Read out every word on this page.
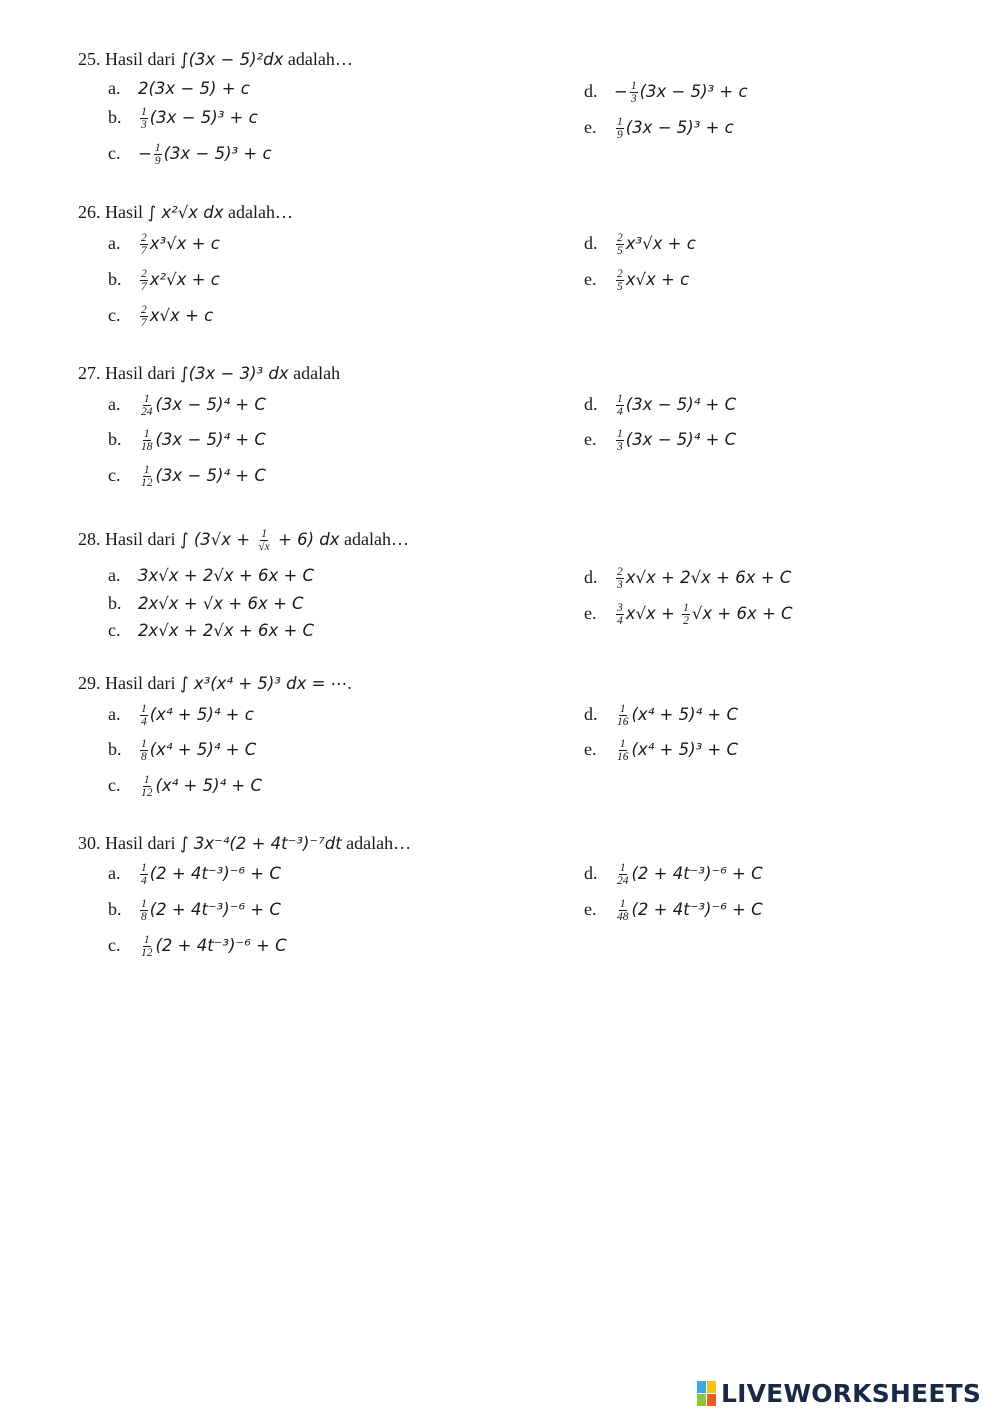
25. Hasil dari ∫(3x − 5)²dx adalah…
a. 2(3x − 5) + c
b. $\frac{1}{3} (3x - 5)^3 + c$
c. − $\frac{1}{9} (3x - 5)^3 + c$
d. − $\frac{1}{3} (3x - 5)^3 + c$
e. $\frac{1}{9} (3x - 5)^3 + c$
26. Hasil ∫ x²√x dx adalah…
a. $\frac{2}{7} x^3√x + c$
b. $\frac{2}{7} x^2√x + c$
c. $\frac{2}{7} x√x + c$
d. $\frac{2}{5} x^3√x + c$
e. $\frac{2}{5} x√x + c$
27. Hasil dari ∫(3x − 3)³ dx adalah
a. $\frac{1}{24} (3x - 5)^4 + C$
b. $\frac{1}{18} (3x - 5)^4 + C$
c. $\frac{1}{12} (3x - 5)^4 + C$
d. $\frac{1}{4} (3x - 5)^4 + C$
e. $\frac{1}{3} (3x - 5)^4 + C$
28. Hasil dari ∫ $(3√x + \frac{1}{√x} + 6)$ dx adalah…
a. 3x√x + 2√x + 6x + C
b. 2x√x + √x + 6x + C
c. 2x√x + 2√x + 6x + C
d. $\frac{2}{3} x√x + 2√x + 6x + C$
e. $\frac{3}{4} x√x + \frac{1}{2} √x + 6x + C$
29. Hasil dari ∫ x³(x⁴ + 5)³ dx = ⋯.
a. $\frac{1}{4} (x^4 + 5)^4 + c$
b. $\frac{1}{8} (x^4 + 5)^4 + C$
c. $\frac{1}{12} (x^4 + 5)^4 + C$
d. $\frac{1}{16} (x^4 + 5)^4 + C$
e. $\frac{1}{16} (x^4 + 5)^3 + C$
30. Hasil dari ∫ 3x⁻⁴(2 + 4t⁻³)⁻⁷dt adalah…
a. $\frac{1}{4} (2 + 4t^{-3})^{-6} + C$
b. $\frac{1}{8} (2 + 4t^{-3})^{-6} + C$
c. $\frac{1}{12} (2 + 4t^{-3})^{-6} + C$
d. $\frac{1}{24} (2 + 4t^{-3})^{-6} + C$
e. $\frac{1}{48} (2 + 4t^{-3})^{-6} + C$
LIVEWORKSHEETS
